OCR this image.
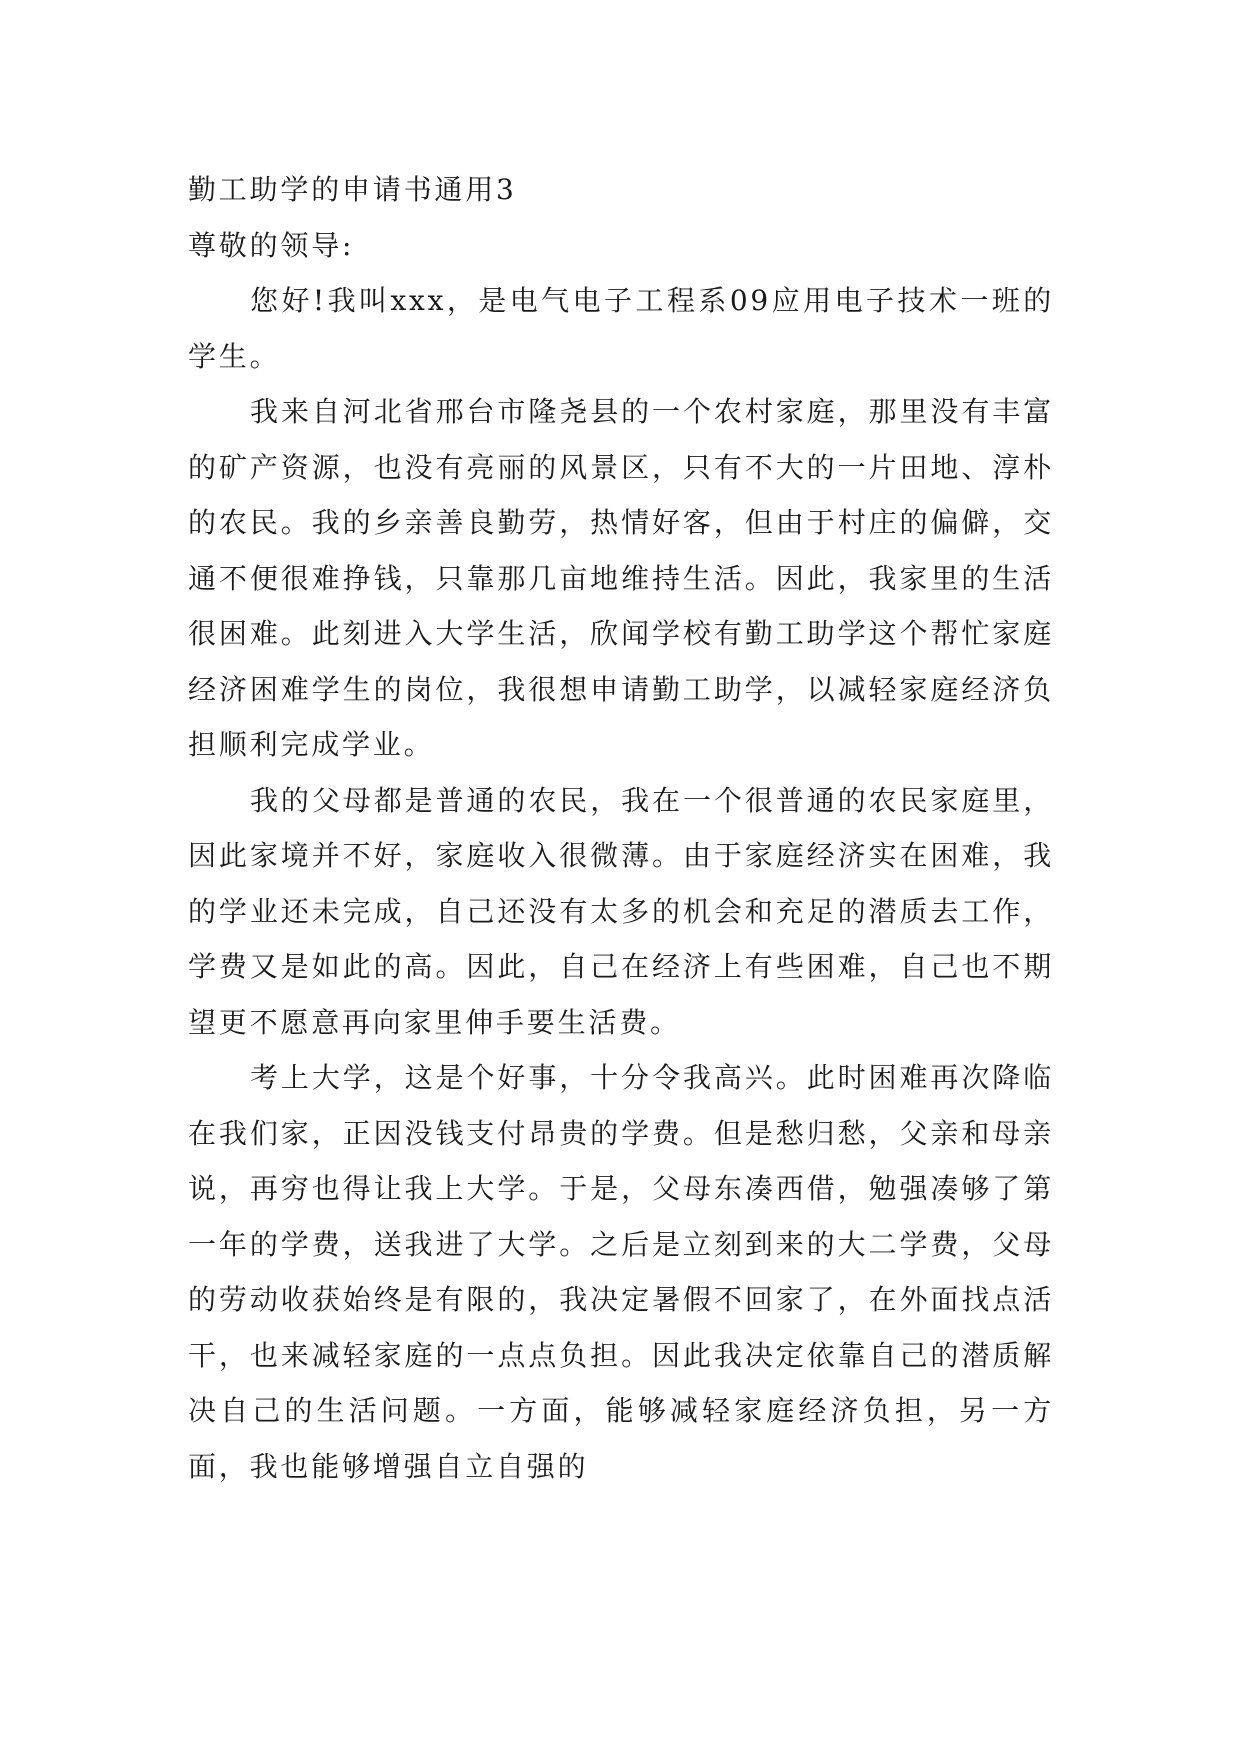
勤工助学的申请书通用3

尊敬的领导:

您好!我叫xxx，是电气电子工程系09应用电子技术一班的学生。

我来自河北省邢台市隆尧县的一个农村家庭，那里没有丰富的矿产资源，也没有亮丽的风景区，只有不大的一片田地、淳朴的农民。我的乡亲善良勤劳，热情好客，但由于村庄的偏僻，交通不便很难挣钱，只靠那几亩地维持生活。因此，我家里的生活很困难。此刻进入大学生活，欣闻学校有勤工助学这个帮忙家庭经济困难学生的岗位，我很想申请勤工助学，以减轻家庭经济负担顺利完成学业。

我的父母都是普通的农民，我在一个很普通的农民家庭里，因此家境并不好，家庭收入很微薄。由于家庭经济实在困难，我的学业还未完成，自己还没有太多的机会和充足的潜质去工作，学费又是如此的高。因此，自己在经济上有些困难，自己也不期望更不愿意再向家里伸手要生活费。

考上大学，这是个好事，十分令我高兴。此时困难再次降临在我们家，正因没钱支付昂贵的学费。但是愁归愁，父亲和母亲说，再穷也得让我上大学。于是，父母东凑西借，勉强凑够了第一年的学费，送我进了大学。之后是立刻到来的大二学费，父母的劳动收获始终是有限的，我决定暑假不回家了，在外面找点活干，也来减轻家庭的一点点负担。因此我决定依靠自己的潜质解决自己的生活问题。一方面，能够减轻家庭经济负担，另一方面，我也能够增强自立自强的
